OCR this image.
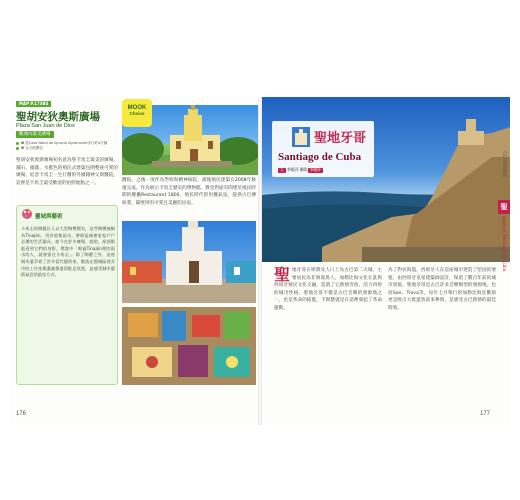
MAP P.173B4
聖胡安狄奧斯廣場
Plaza San Juan de Dios
觀城內最美廣場
❶ 從Casa Natal de Ignacio Agramonte步行約4分鐘
❷ 全天候開放
MOOK
Choice
聖胡安狄奧斯廣場初名意為聖卡馬圭最美的廣場，鋪石、綠蔭、水藍色的殖民式建築包圍整座可愛的廣場。紀念卡馬圭一生行醫的外國籍神父與醫院，這裡是卡馬圭最受歡迎的拍照地點之一。
醫院，之後一度作為學校和精神病院，最後殖民建築在2008年修復完成，作為展示卡馬圭歷史的博物館。教堂對面有間建於殖民時期的餐廳Restaurant 1800，殖民時代的用餐氣氛，提供古巴傳統菜，隔壁則有可愛且美麗的民宿。
靈城與藝術
卡馬圭的陶藝匠人以大型陶甕聞名，這些陶甕被稱為Tinajón，用於收集雨水，曾經是城裡家家戶戶必備的生活器具。如今在許多廣場、庭院、屋頂都能看到它們的身影，傳說中「喝過Tinajón裡的雨水的人，就會留在卡馬圭」。除了陶藝之外，這座城市還孕育了許多當代藝術家，散落在舊城區巷弄中的工作室與畫廊都值得駐足欣賞，是感受城市藝術氣息的最佳方式。
176
聖地牙哥
Santiago de Cuba
文 李曉萍 攝影 李曉萍
聖地牙哥在經濟及人口上為古巴第二大城，主要居民為非洲裔黑人，加勒比海文化在此與西班牙殖民文化交融，造就了它熱情奔放、活力四射的城市性格。聖地牙哥不僅是古巴音樂的發源地之一，也是革命的搖籃，卡斯楚就是在這裡發起了革命運動。
為了對抗海盜，西班牙人在這座城市建造了堅固的要塞，由西班牙皇家建築師設計，保留了數百年前的城市原貌。聖地牙哥是古巴許多音樂類型的發源地，包括Son、Trova等，每年七月舉行的加勒比海狂歡節更是吸引大批遊客前來參與，是感受古巴熱情的最佳時刻。
177
古巴東部地區
聖
聖地牙哥 Santiago de Cuba
